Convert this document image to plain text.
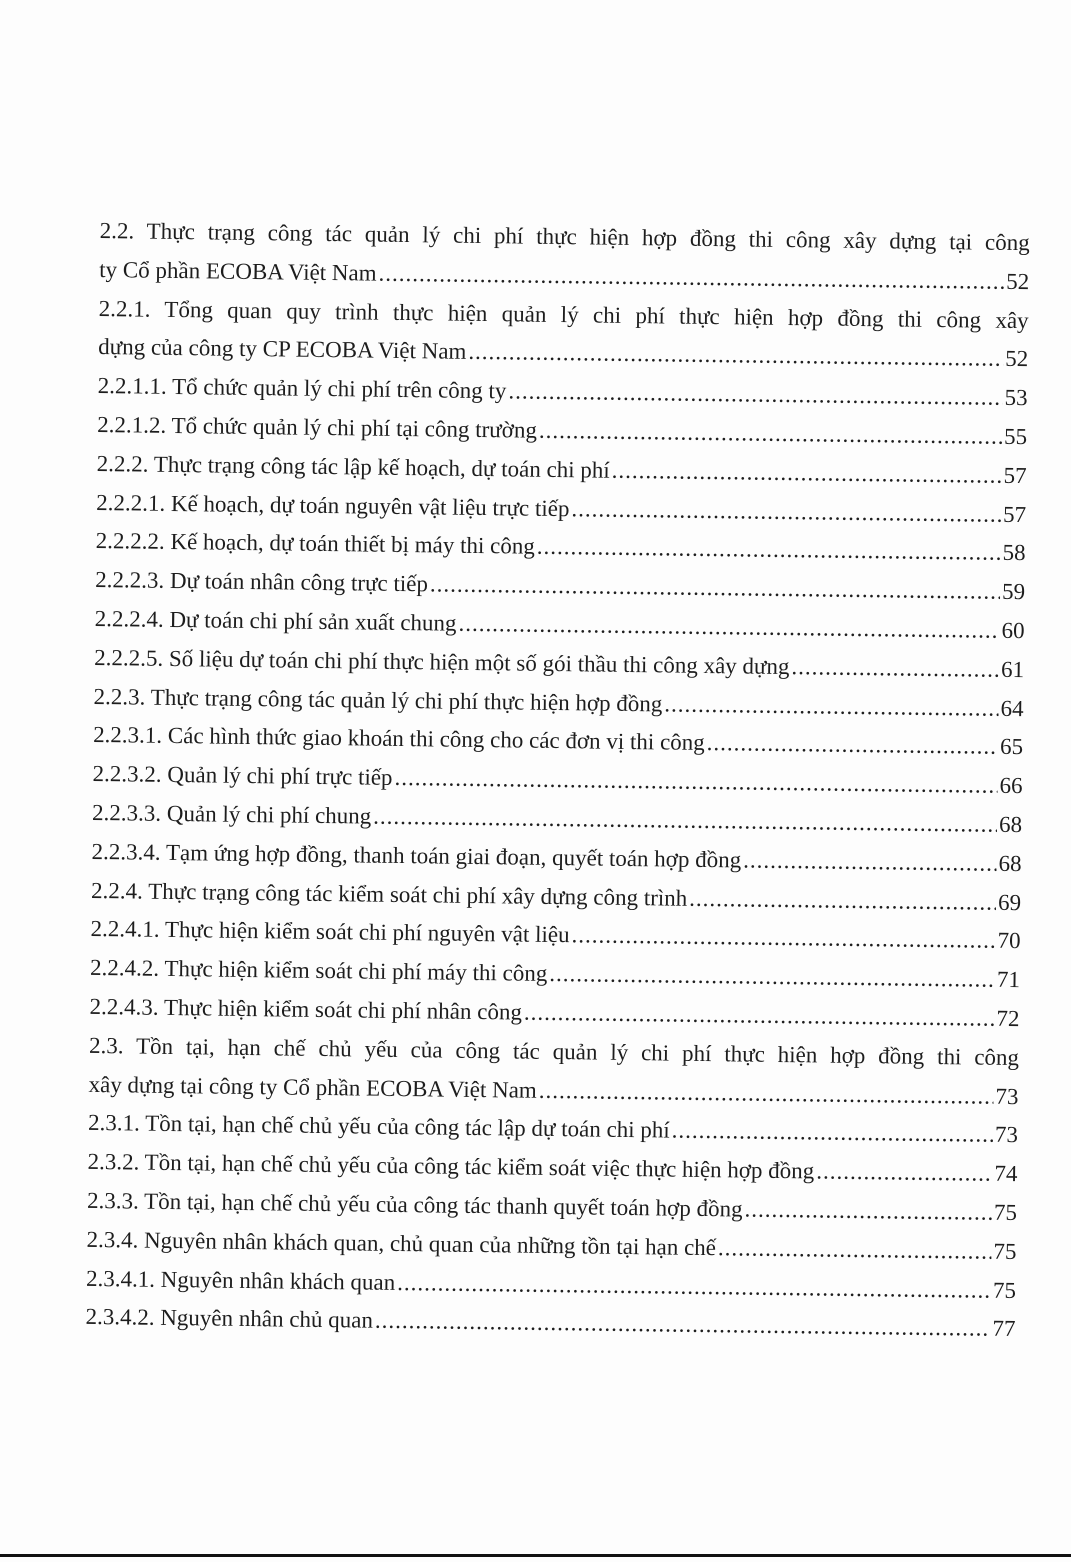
2.2. Thực trạng công tác quản lý chi phí thực hiện hợp đồng thi công xây dựng tại công
ty Cổ phần ECOBA Việt Nam .....	52
2.2.1. Tổng quan quy trình thực hiện quản lý chi phí thực hiện hợp đồng thi công xây
dựng của công ty CP ECOBA Việt Nam .....	52
2.2.1.1. Tổ chức quản lý chi phí trên công ty .....	53
2.2.1.2. Tổ chức quản lý chi phí tại công trường .....	55
2.2.2. Thực trạng công tác lập kế hoạch, dự toán chi phí .....	57
2.2.2.1. Kế hoạch, dự toán nguyên vật liệu trực tiếp .....	57
2.2.2.2. Kế hoạch, dự toán thiết bị máy thi công .....	58
2.2.2.3. Dự toán nhân công trực tiếp .....	59
2.2.2.4. Dự toán chi phí sản xuất chung .....	60
2.2.2.5. Số liệu dự toán chi phí thực hiện một số gói thầu thi công xây dựng .....	61
2.2.3. Thực trạng công tác quản lý chi phí thực hiện hợp đồng .....	64
2.2.3.1. Các hình thức giao khoán thi công cho các đơn vị thi công .....	65
2.2.3.2. Quản lý chi phí trực tiếp .....	66
2.2.3.3. Quản lý chi phí chung .....	68
2.2.3.4. Tạm ứng hợp đồng, thanh toán giai đoạn, quyết toán hợp đồng .....	68
2.2.4. Thực trạng công tác kiểm soát chi phí xây dựng công trình .....	69
2.2.4.1. Thực hiện kiểm soát chi phí nguyên vật liệu .....	70
2.2.4.2. Thực hiện kiểm soát chi phí máy thi công .....	71
2.2.4.3. Thực hiện kiểm soát chi phí nhân công .....	72
2.3. Tồn tại, hạn chế chủ yếu của công tác quản lý chi phí thực hiện hợp đồng thi công
xây dựng tại công ty Cổ phần ECOBA Việt Nam .....	73
2.3.1. Tồn tại, hạn chế chủ yếu của công tác lập dự toán chi phí .....	73
2.3.2. Tồn tại, hạn chế chủ yếu của công tác kiểm soát việc thực hiện hợp đồng .....	74
2.3.3. Tồn tại, hạn chế chủ yếu của công tác thanh quyết toán hợp đồng .....	75
2.3.4. Nguyên nhân khách quan, chủ quan của những tồn tại hạn chế .....	75
2.3.4.1. Nguyên nhân khách quan .....	75
2.3.4.2. Nguyên nhân chủ quan .....	77
